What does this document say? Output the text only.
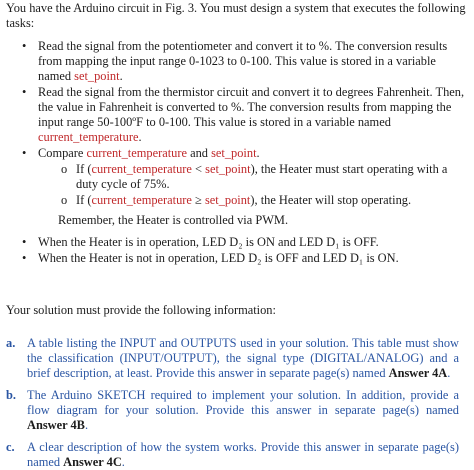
You have the Arduino circuit in Fig. 3. You must design a system that executes the following
tasks:
• Read the signal from the potentiometer and convert it to %. The conversion results from mapping the input range 0-1023 to 0-100. This value is stored in a variable named set_point.
• Read the signal from the thermistor circuit and convert it to degrees Fahrenheit. Then, the value in Fahrenheit is converted to %. The conversion results from mapping the input range 50-100ºF to 0-100. This value is stored in a variable named current_temperature.
• Compare current_temperature and set_point.
o If (current_temperature < set_point), the Heater must start operating with a duty cycle of 75%.
o If (current_temperature ≥ set_point), the Heater will stop operating.
Remember, the Heater is controlled via PWM.
• When the Heater is in operation, LED D₂ is ON and LED D₁ is OFF.
• When the Heater is not in operation, LED D₂ is OFF and LED D₁ is ON.
Your solution must provide the following information:
a. A table listing the INPUT and OUTPUTS used in your solution. This table must show the classification (INPUT/OUTPUT), the signal type (DIGITAL/ANALOG) and a brief description, at least. Provide this answer in separate page(s) named Answer 4A.
b. The Arduino SKETCH required to implement your solution. In addition, provide a flow diagram for your solution. Provide this answer in separate page(s) named Answer 4B.
c. A clear description of how the system works. Provide this answer in separate page(s) named Answer 4C.
